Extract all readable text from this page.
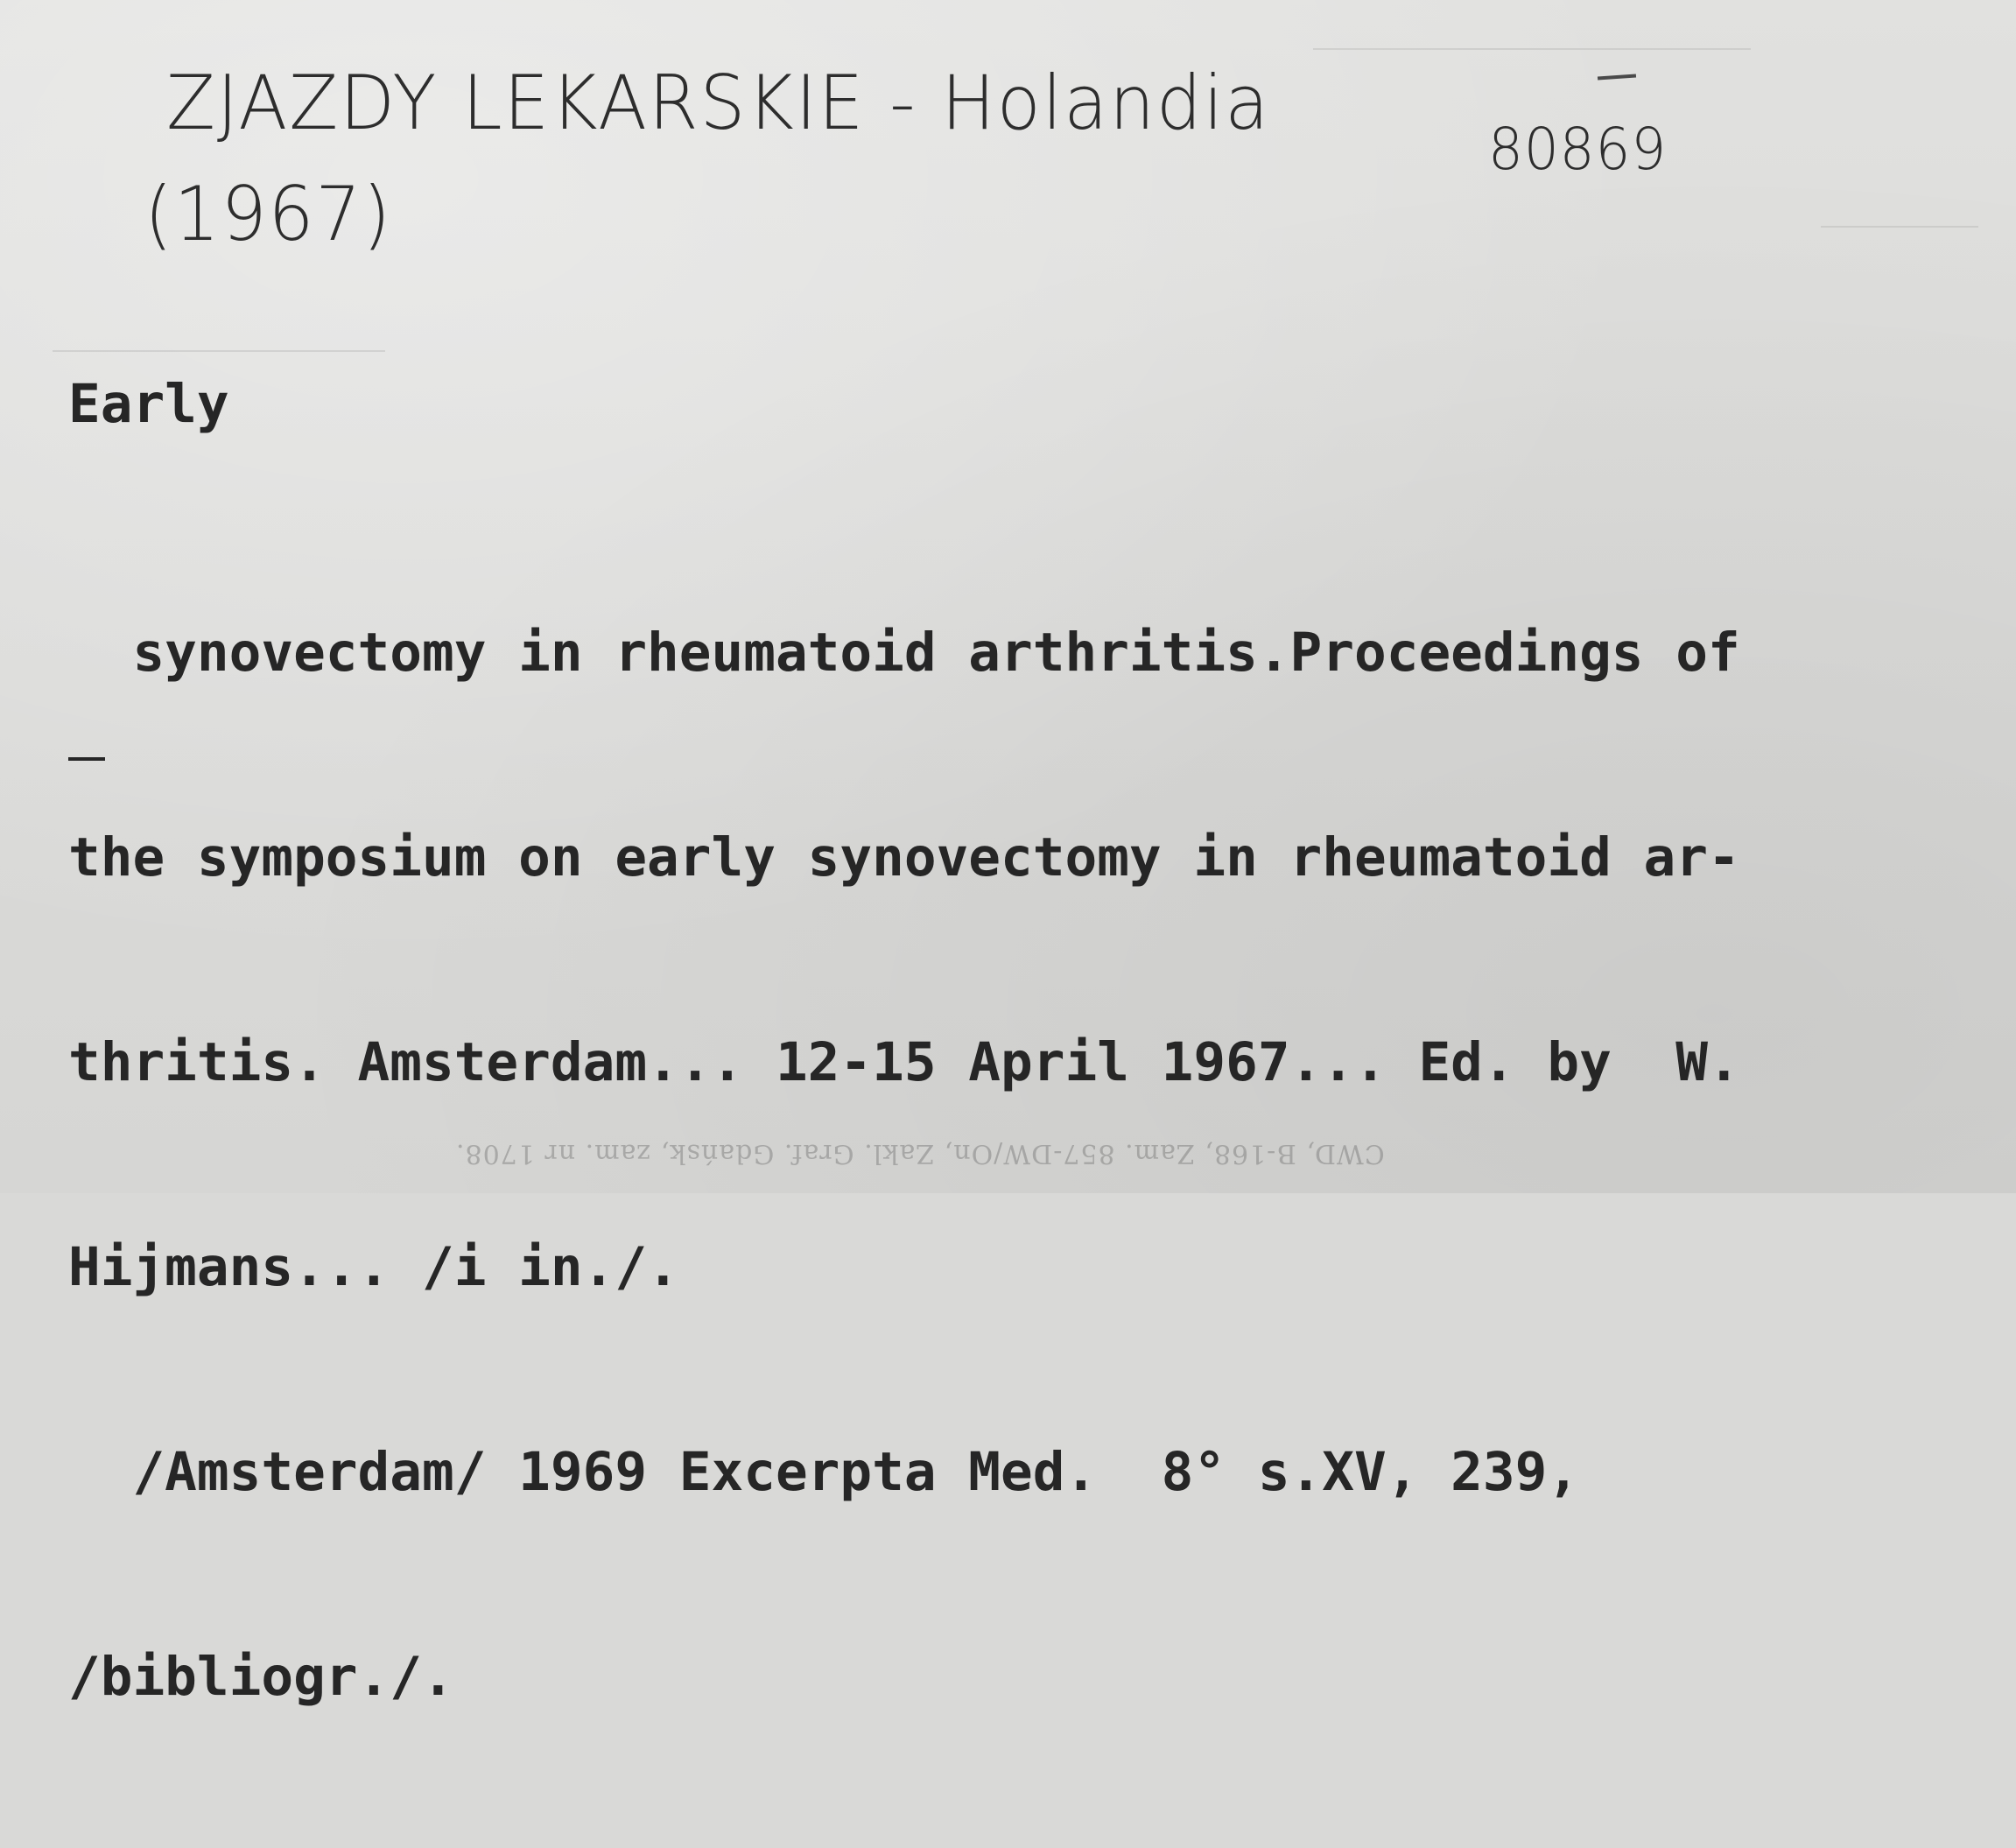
ZJAZDY LEKARSKIE - Holandia
(1967)
80869
Early

synovectomy in rheumatoid arthritis.Proceedings of

the symposium on early synovectomy in rheumatoid ar-

thritis. Amsterdam... 12-15 April 1967... Ed. by  W.

Hijmans... /i in./.

/Amsterdam/ 1969 Excerpta Med.  8° s.XV, 239,

/bibliogr./.

CWD, B-168, Zam. 857-DW/On, Zakl. Graf. Gdańsk, zam. nr 1708.
